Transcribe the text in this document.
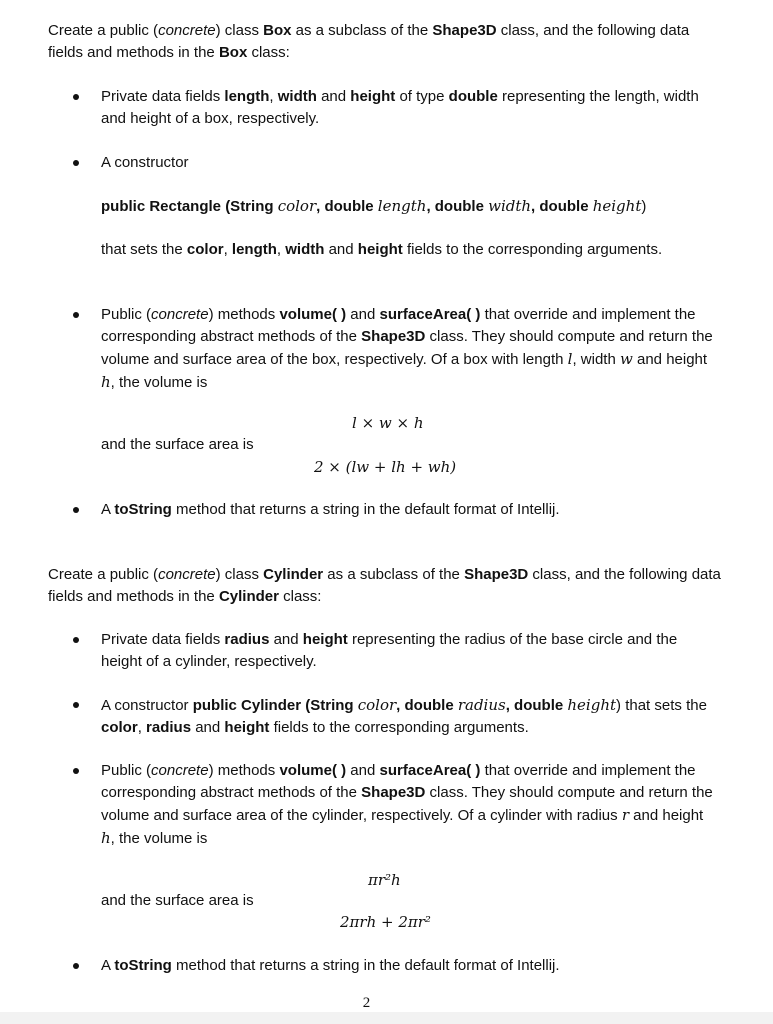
Create a public (concrete) class Box as a subclass of the Shape3D class, and the following data fields and methods in the Box class:
Private data fields length, width and height of type double representing the length, width and height of a box, respectively.
A constructor
public Rectangle (String color, double length, double width, double height)
that sets the color, length, width and height fields to the corresponding arguments.
Public (concrete) methods volume( ) and surfaceArea( ) that override and implement the corresponding abstract methods of the Shape3D class. They should compute and return the volume and surface area of the box, respectively. Of a box with length l, width w and height h, the volume is
l × w × h
and the surface area is
2 × (lw + lh + wh)
A toString method that returns a string in the default format of Intellij.
Create a public (concrete) class Cylinder as a subclass of the Shape3D class, and the following data fields and methods in the Cylinder class:
Private data fields radius and height representing the radius of the base circle and the height of a cylinder, respectively.
A constructor public Cylinder (String color, double radius, double height) that sets the color, radius and height fields to the corresponding arguments.
Public (concrete) methods volume( ) and surfaceArea( ) that override and implement the corresponding abstract methods of the Shape3D class. They should compute and return the volume and surface area of the cylinder, respectively. Of a cylinder with radius r and height h, the volume is
πr²h
and the surface area is
2πrh + 2πr²
A toString method that returns a string in the default format of Intellij.
2
